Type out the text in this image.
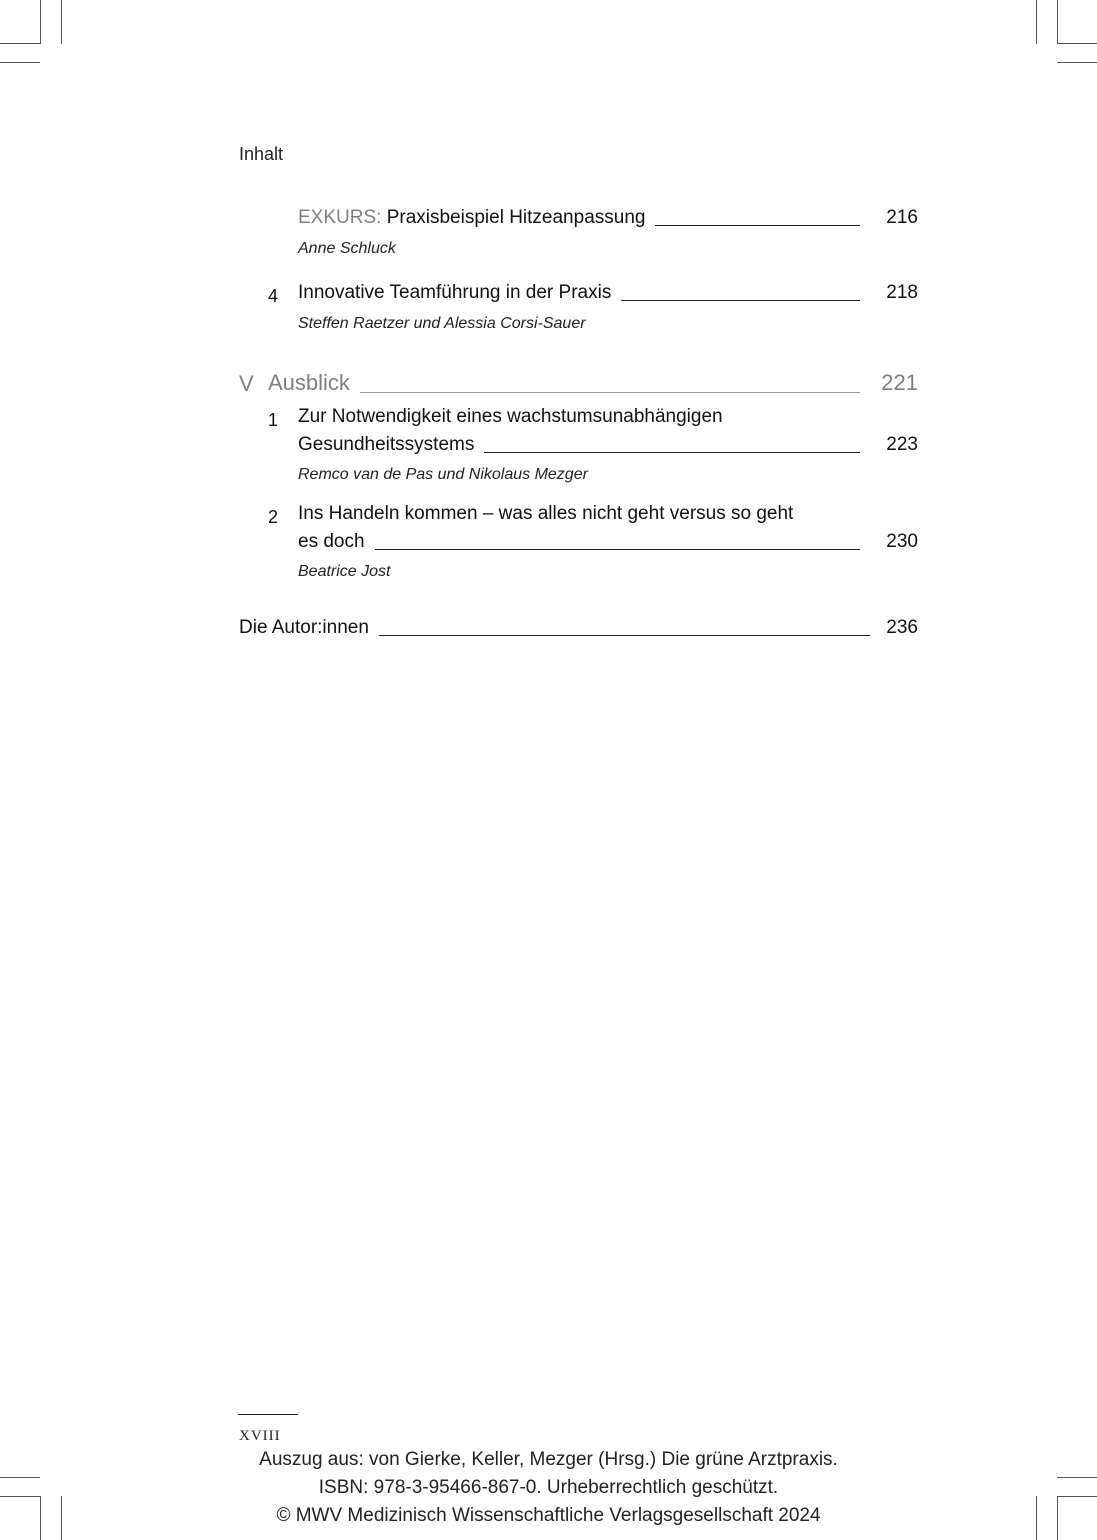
Inhalt
EXKURS: Praxisbeispiel Hitzeanpassung	216
Anne Schluck
4 Innovative Teamführung in der Praxis	218
Steffen Raetzer und Alessia Corsi-Sauer
V Ausblick	221
1 Zur Notwendigkeit eines wachstumsunabhängigen
Gesundheitssystems	223
Remco van de Pas und Nikolaus Mezger
2 Ins Handeln kommen – was alles nicht geht versus so geht
es doch	230
Beatrice Jost
Die Autor:innen	236
XVIII
Auszug aus: von Gierke, Keller, Mezger (Hrsg.) Die grüne Arztpraxis.
ISBN: 978-3-95466-867-0. Urheberrechtlich geschützt.
© MWV Medizinisch Wissenschaftliche Verlagsgesellschaft 2024
